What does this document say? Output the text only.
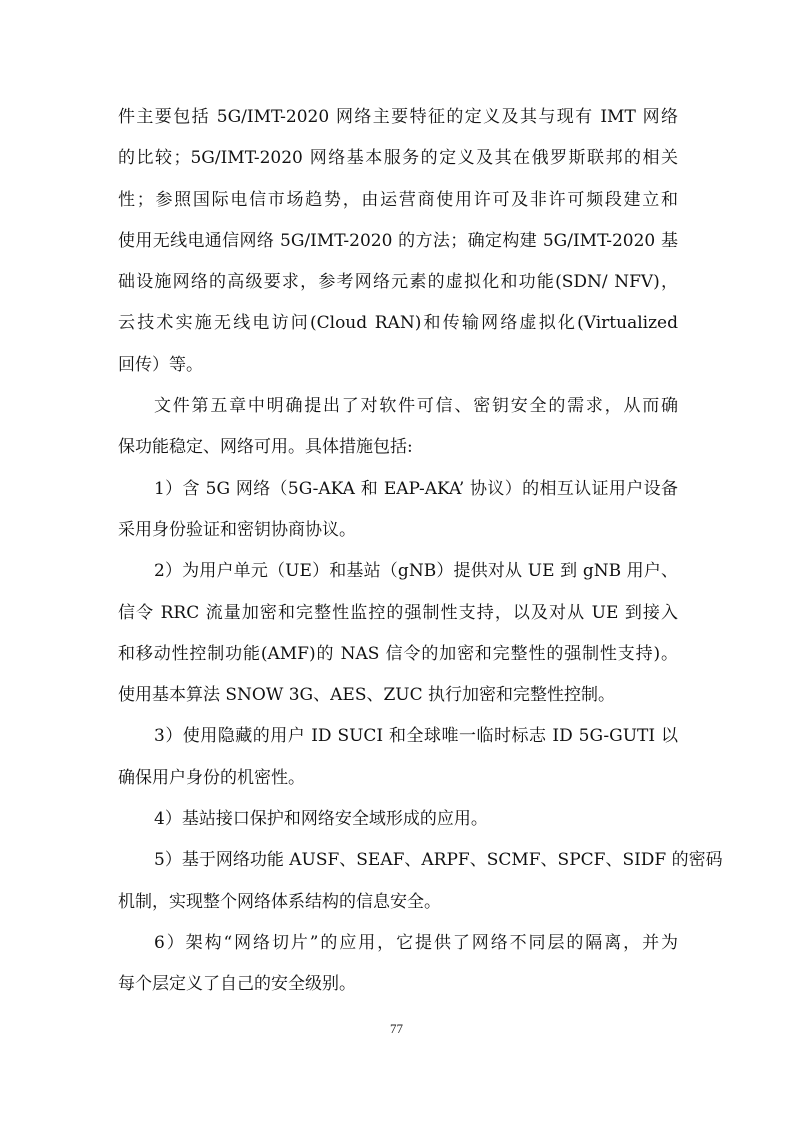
件主要包括 5G/IMT-2020 网络主要特征的定义及其与现有 IMT 网络
的比较；5G/IMT-2020 网络基本服务的定义及其在俄罗斯联邦的相关
性；参照国际电信市场趋势，由运营商使用许可及非许可频段建立和
使用无线电通信网络 5G/IMT-2020 的方法；确定构建 5G/IMT-2020 基
础设施网络的高级要求，参考网络元素的虚拟化和功能(SDN/ NFV)，
云技术实施无线电访问(Cloud RAN)和传输网络虚拟化(Virtualized
回传）等。
文件第五章中明确提出了对软件可信、密钥安全的需求，从而确
保功能稳定、网络可用。具体措施包括:
1）含 5G 网络（5G-AKA 和 EAP-AKA’ 协议）的相互认证用户设备
采用身份验证和密钥协商协议。
2）为用户单元（UE）和基站（gNB）提供对从 UE 到 gNB 用户、
信令 RRC 流量加密和完整性监控的强制性支持，以及对从 UE 到接入
和移动性控制功能(AMF)的 NAS 信令的加密和完整性的强制性支持)。
使用基本算法 SNOW 3G、AES、ZUC 执行加密和完整性控制。
3）使用隐藏的用户 ID SUCI 和全球唯一临时标志 ID 5G-GUTI 以
确保用户身份的机密性。
4）基站接口保护和网络安全域形成的应用。
5）基于网络功能 AUSF、SEAF、ARPF、SCMF、SPCF、SIDF 的密码
机制，实现整个网络体系结构的信息安全。
6）架构“网络切片”的应用，它提供了网络不同层的隔离，并为
每个层定义了自己的安全级别。
77
